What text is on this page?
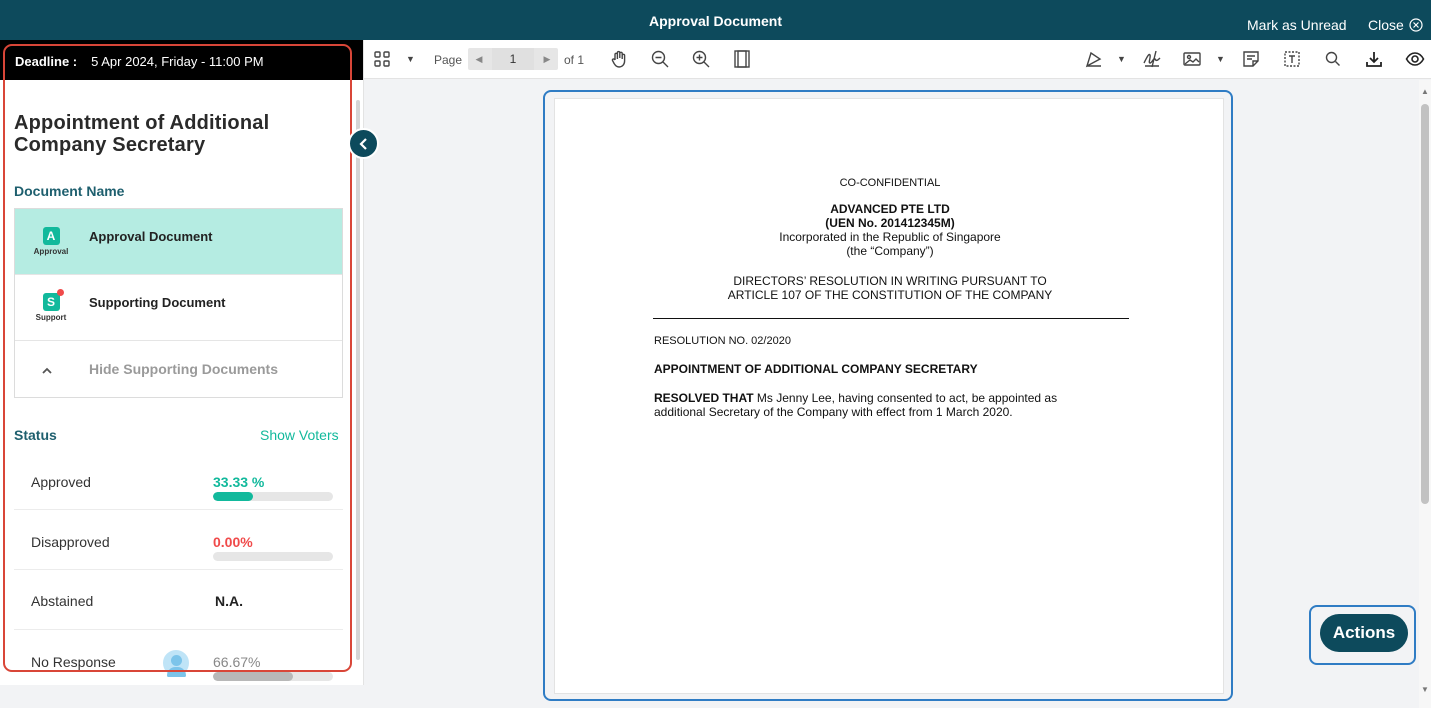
Approval Document	Mark as Unread Close
Deadline : 5 Apr 2024, Friday - 11:00 PM
Appointment of Additional Company Secretary
Document Name
A
Approval
Approval Document
S
Support
Supporting Document
Hide Supporting Documents
Status	Show Voters
Approved	33.33 %
Disapproved	0.00%
Abstained	N.A.
No Response	66.67%
▼ Page	◀	1	▶	of 1	▼	▼
CO-CONFIDENTIAL
ADVANCED PTE LTD
(UEN No. 201412345M)
Incorporated in the Republic of Singapore
(the “Company”)
DIRECTORS’ RESOLUTION IN WRITING PURSUANT TO
ARTICLE 107 OF THE CONSTITUTION OF THE COMPANY
RESOLUTION NO. 02/2020
APPOINTMENT OF ADDITIONAL COMPANY SECRETARY
RESOLVED THAT Ms Jenny Lee, having consented to act, be appointed as
additional Secretary of the Company with effect from 1 March 2020.
Actions
▲
▼
